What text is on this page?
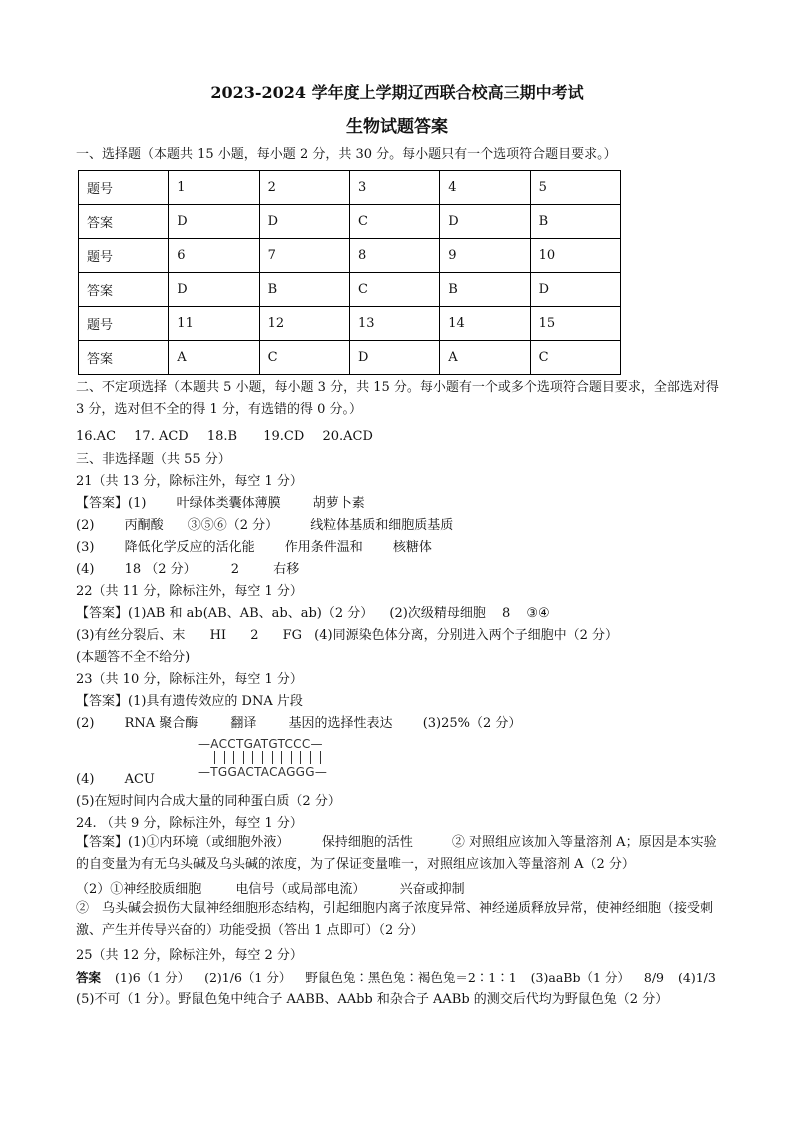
2023-2024 学年度上学期辽西联合校高三期中考试
生物试题答案
一、选择题（本题共 15 小题，每小题 2 分，共 30 分。每小题只有一个选项符合题目要求。）
题号	1	2	3	4	5
答案	D	D	C	D	B
题号	6	7	8	9	10
答案	D	B	C	B	D
题号	11	12	13	14	15
答案	A	C	D	A	C
二、不定项选择（本题共 5 小题，每小题 3 分，共 15 分。每小题有一个或多个选项符合题目要求，全部选对得 3 分，选对但不全的得 1 分，有选错的得 0 分。）
16.AC 17. ACD 18.B 19.CD 20.ACD
三、非选择题（共 55 分）
21（共 13 分，除标注外，每空 1 分）
【答案】(1) 叶绿体类囊体薄膜 胡萝卜素
(2) 丙酮酸 ③⑤⑥（2 分） 线粒体基质和细胞质基质
(3) 降低化学反应的活化能 作用条件温和 核糖体
(4) 18 （2 分）	2	右移
22（共 11 分，除标注外，每空 1 分）
【答案】(1)AB 和 ab(AB、AB、ab、ab)（2 分） (2)次级精母细胞 8 ③④
(3)有丝分裂后、末 HI 2 FG (4)同源染色体分离，分别进入两个子细胞中（2 分）
(本题答不全不给分)
23（共 10 分，除标注外，每空 1 分）
【答案】(1)具有遗传效应的 DNA 片段
(2) RNA 聚合酶 翻译 基因的选择性表达 (3)25%（2 分）
—ACCTGATGTCCC—
—TGGACTACAGGG—
(4) ACU
(5)在短时间内合成大量的同种蛋白质（2 分）
24. （共 9 分，除标注外，每空 1 分）
【答案】(1)①内环境（或细胞外液）　　　保持细胞的活性　　　② 对照组应该加入等量溶剂 A；原因是本实验的自变量为有无乌头碱及乌头碱的浓度，为了保证变量唯一，对照组应该加入等量溶剂 A（2 分）
（2）①神经胶质细胞	电信号（或局部电流）	兴奋或抑制
②　乌头碱会损伤大鼠神经细胞形态结构，引起细胞内离子浓度异常、神经递质释放异常，使神经细胞（接受刺激、产生并传导兴奋的）功能受损（答出 1 点即可）（2 分）
25（共 12 分，除标注外，每空 2 分）
答案 (1)6（1 分） (2)1/6（1 分） 野鼠色兔∶黑色兔∶褐色兔＝2∶1∶1 (3)aaBb（1 分） 8/9 (4)1/3
(5)不可（1 分）。野鼠色兔中纯合子 AABB、AAbb 和杂合子 AABb 的测交后代均为野鼠色兔（2 分）
